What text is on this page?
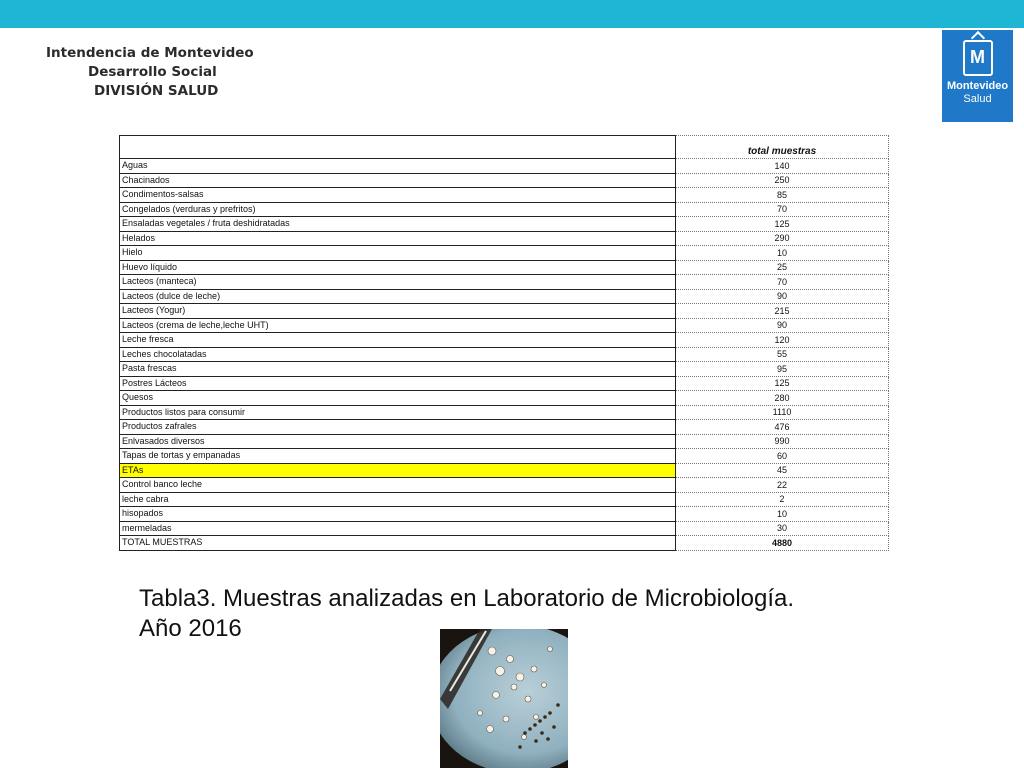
Intendencia de Montevideo
Desarrollo Social
DIVISIÓN SALUD
M
Montevideo
Salud
	total muestras
Aguas	140
Chacinados	250
Condimentos-salsas	85
Congelados (verduras y prefritos)	70
Ensaladas vegetales / fruta deshidratadas	125
Helados	290
Hielo	10
Huevo líquido	25
Lacteos (manteca)	70
Lacteos (dulce de leche)	90
Lacteos (Yogur)	215
Lacteos (crema de leche,leche UHT)	90
Leche fresca	120
Leches chocolatadas	55
Pasta frescas	95
Postres Lácteos	125
Quesos	280
Productos listos para consumir	1110
Productos zafrales	476
Enlvasados diversos	990
Tapas de tortas y empanadas	60
ETAs	45
Control banco leche	22
leche cabra	2
hisopados	10
mermeladas	30
TOTAL MUESTRAS	4880
Tabla3. Muestras analizadas en Laboratorio de Microbiología.
Año 2016
